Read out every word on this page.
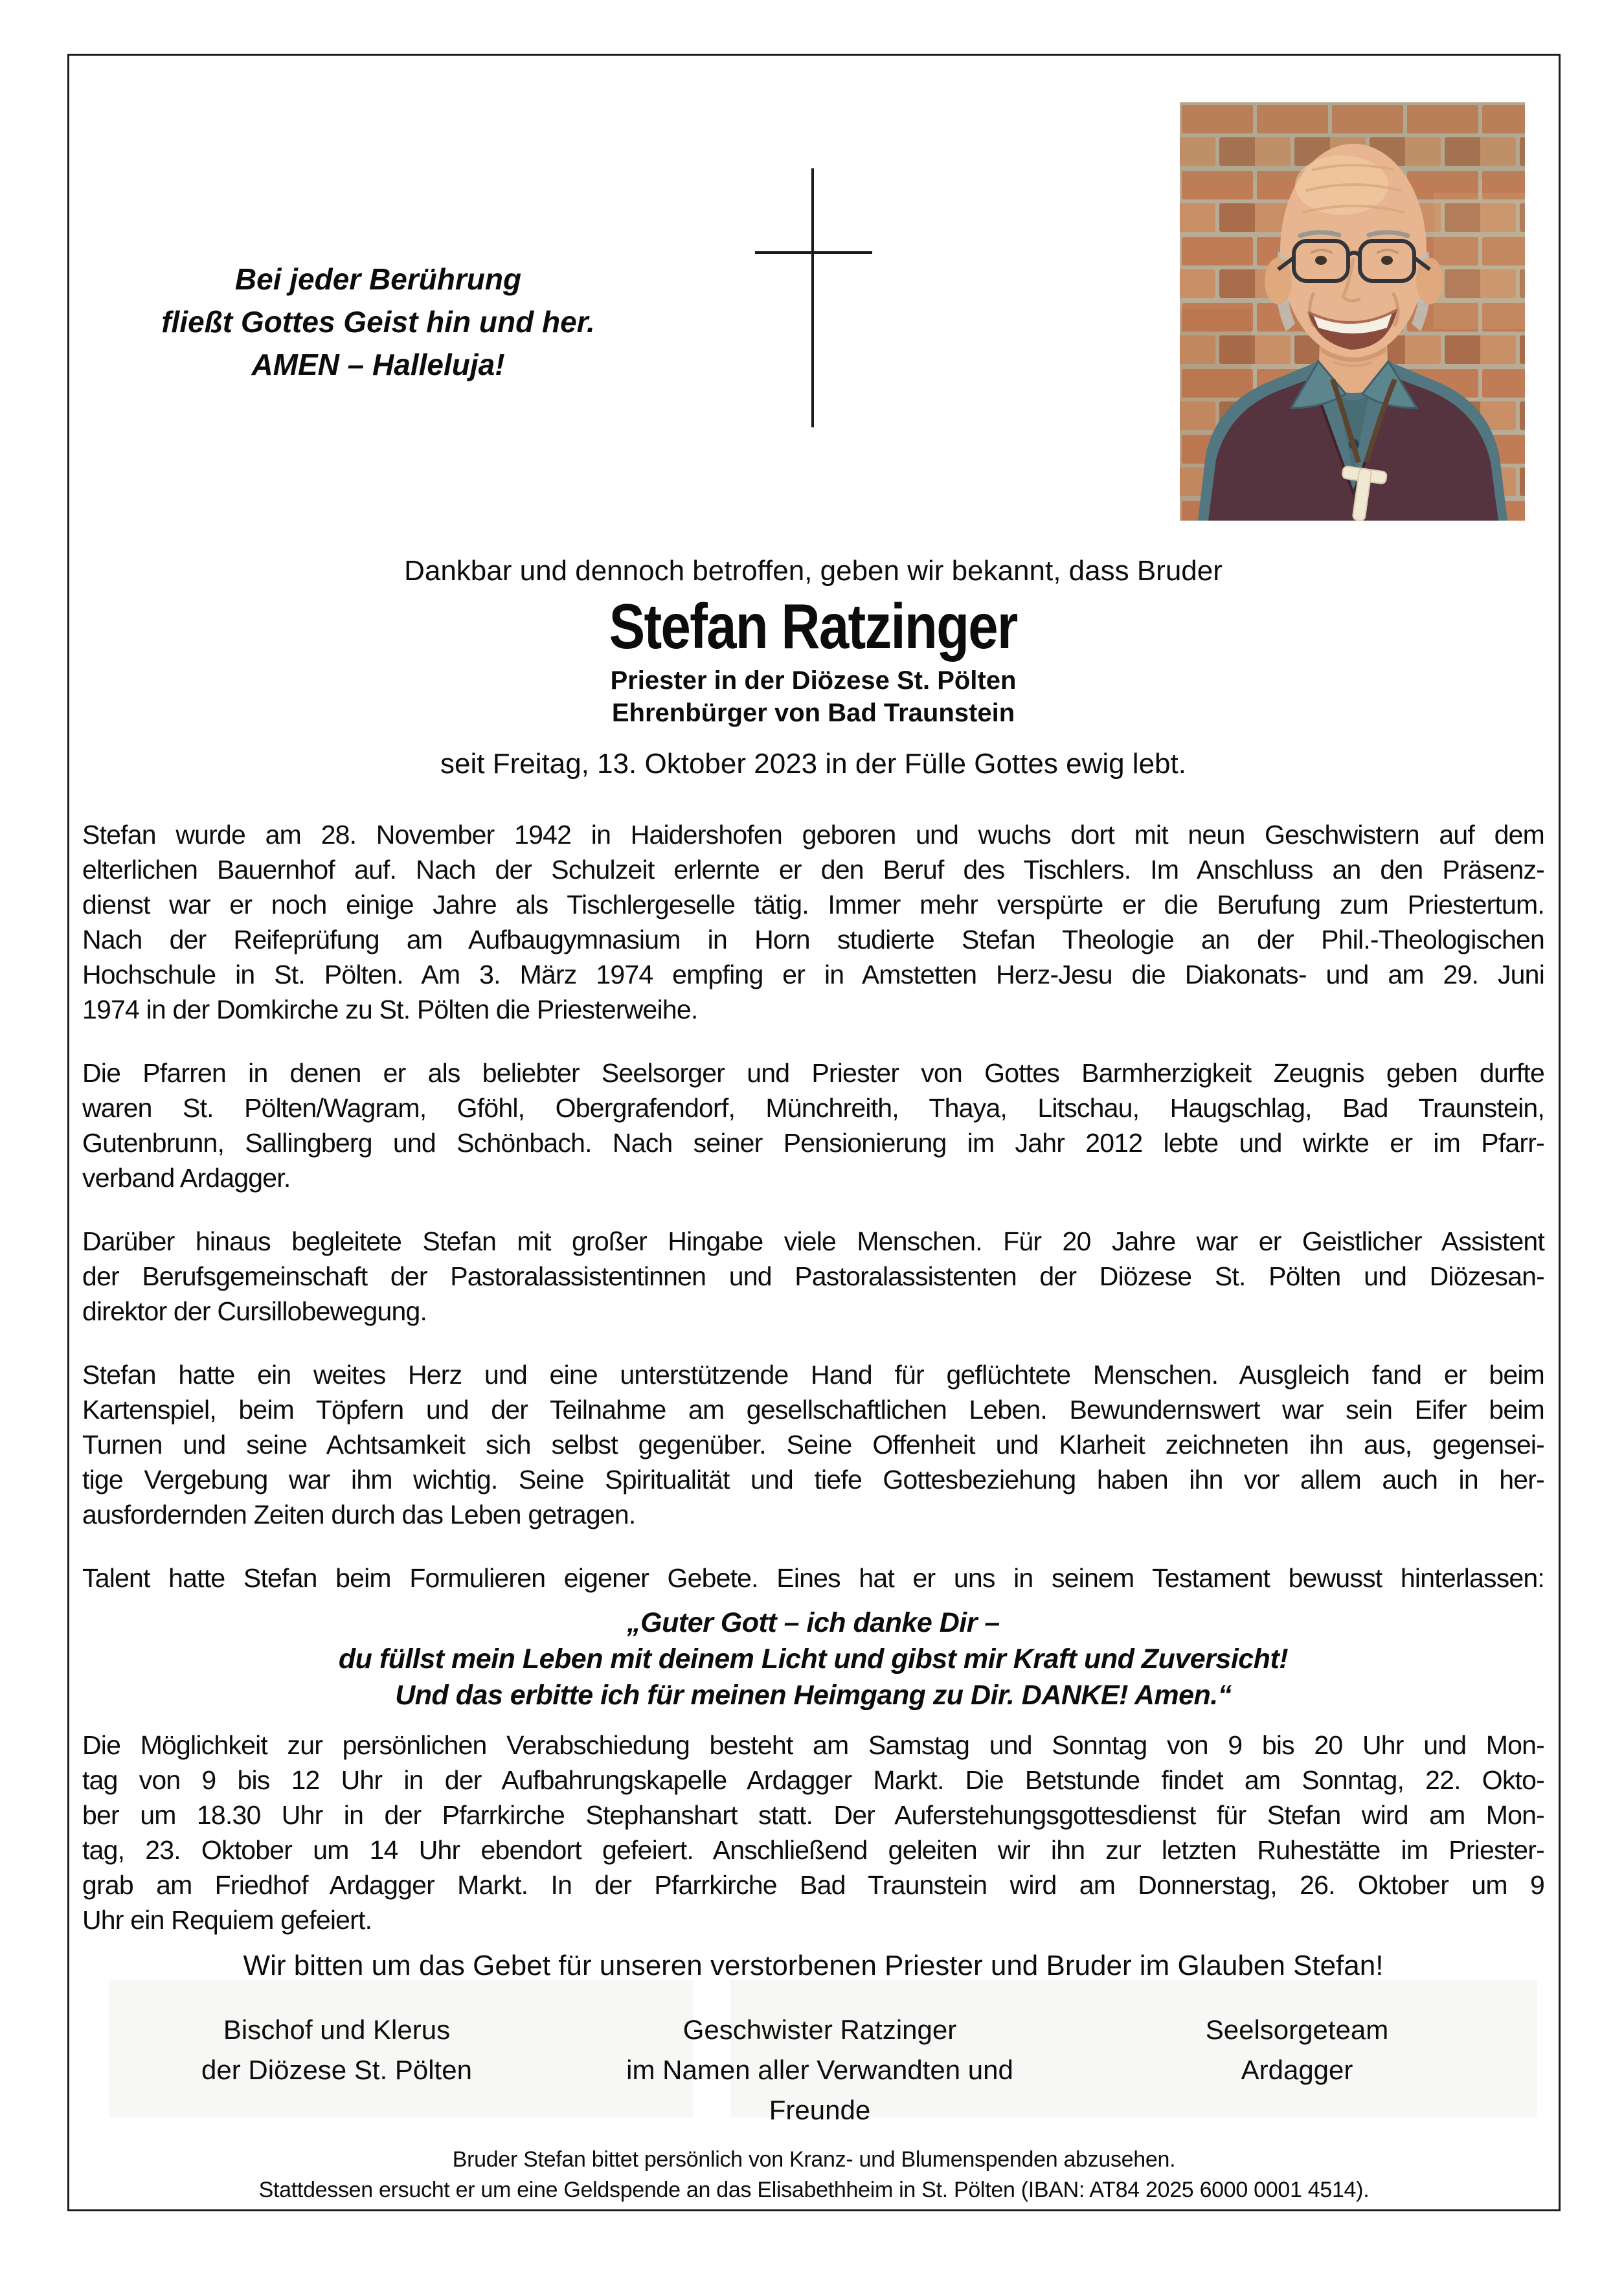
Bei jeder Berührung
fließt Gottes Geist hin und her.
AMEN – Halleluja!
Dankbar und dennoch betroffen, geben wir bekannt, dass Bruder
Stefan Ratzinger
Priester in der Diözese St. Pölten
Ehrenbürger von Bad Traunstein
seit Freitag, 13. Oktober 2023 in der Fülle Gottes ewig lebt.
Stefan wurde am 28. November 1942 in Haidershofen geboren und wuchs dort mit neun Geschwistern auf dem
elterlichen Bauernhof auf. Nach der Schulzeit erlernte er den Beruf des Tischlers. Im Anschluss an den Präsenz-
dienst war er noch einige Jahre als Tischlergeselle tätig. Immer mehr verspürte er die Berufung zum Priestertum.
Nach der Reifeprüfung am Aufbaugymnasium in Horn studierte Stefan Theologie an der Phil.-Theologischen
Hochschule in St. Pölten. Am 3. März 1974 empfing er in Amstetten Herz-Jesu die Diakonats- und am 29. Juni
1974 in der Domkirche zu St. Pölten die Priesterweihe.
Die Pfarren in denen er als beliebter Seelsorger und Priester von Gottes Barmherzigkeit Zeugnis geben durfte
waren St. Pölten/Wagram, Gföhl, Obergrafendorf, Münchreith, Thaya, Litschau, Haugschlag, Bad Traunstein,
Gutenbrunn, Sallingberg und Schönbach. Nach seiner Pensionierung im Jahr 2012 lebte und wirkte er im Pfarr-
verband Ardagger.
Darüber hinaus begleitete Stefan mit großer Hingabe viele Menschen. Für 20 Jahre war er Geistlicher Assistent
der Berufsgemeinschaft der Pastoralassistentinnen und Pastoralassistenten der Diözese St. Pölten und Diözesan-
direktor der Cursillobewegung.
Stefan hatte ein weites Herz und eine unterstützende Hand für geflüchtete Menschen. Ausgleich fand er beim
Kartenspiel, beim Töpfern und der Teilnahme am gesellschaftlichen Leben. Bewundernswert war sein Eifer beim
Turnen und seine Achtsamkeit sich selbst gegenüber. Seine Offenheit und Klarheit zeichneten ihn aus, gegensei-
tige Vergebung war ihm wichtig. Seine Spiritualität und tiefe Gottesbeziehung haben ihn vor allem auch in her-
ausfordernden Zeiten durch das Leben getragen.
Talent hatte Stefan beim Formulieren eigener Gebete. Eines hat er uns in seinem Testament bewusst hinterlassen:
„Guter Gott – ich danke Dir –
du füllst mein Leben mit deinem Licht und gibst mir Kraft und Zuversicht!
Und das erbitte ich für meinen Heimgang zu Dir. DANKE! Amen.“
Die Möglichkeit zur persönlichen Verabschiedung besteht am Samstag und Sonntag von 9 bis 20 Uhr und Mon-
tag von 9 bis 12 Uhr in der Aufbahrungskapelle Ardagger Markt. Die Betstunde findet am Sonntag, 22. Okto-
ber um 18.30 Uhr in der Pfarrkirche Stephanshart statt. Der Auferstehungsgottesdienst für Stefan wird am Mon-
tag, 23. Oktober um 14 Uhr ebendort gefeiert. Anschließend geleiten wir ihn zur letzten Ruhestätte im Priester-
grab am Friedhof Ardagger Markt. In der Pfarrkirche Bad Traunstein wird am Donnerstag, 26. Oktober um 9
Uhr ein Requiem gefeiert.
Wir bitten um das Gebet für unseren verstorbenen Priester und Bruder im Glauben Stefan!
Bischof und Klerus
der Diözese St. Pölten
Geschwister Ratzinger
im Namen aller Verwandten und
Freunde
Seelsorgeteam
Ardagger
Bruder Stefan bittet persönlich von Kranz- und Blumenspenden abzusehen.
Stattdessen ersucht er um eine Geldspende an das Elisabethheim in St. Pölten (IBAN: AT84 2025 6000 0001 4514).
